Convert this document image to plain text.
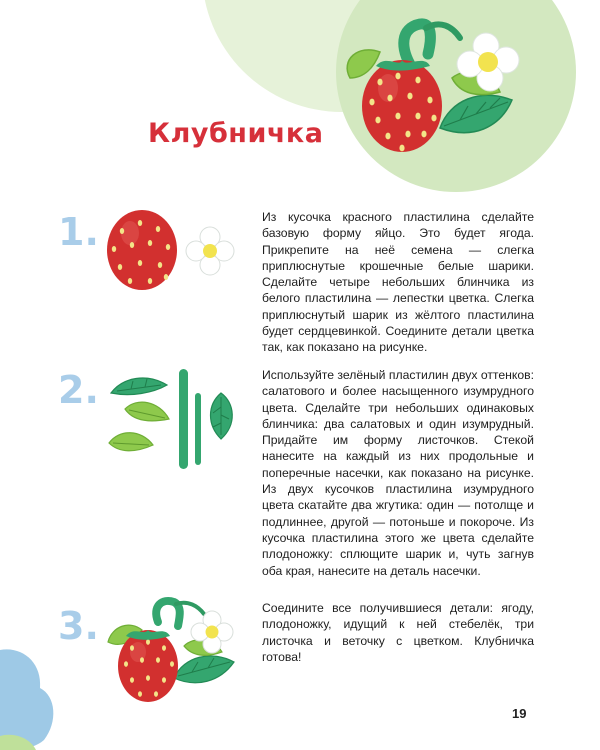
Клубничка
1.	Из кусочка красного пластилина сделайте базовую форму яйцо. Это будет ягода. Прикрепите на неё семена — слегка приплюснутые крошечные белые шарики. Сделайте четыре небольших блинчика из белого пластилина — лепестки цветка. Слегка приплюснутый шарик из жёлтого пластилина будет сердцевинкой. Соедините детали цветка так, как показано на рисунке.

2.	Используйте зелёный пластилин двух оттенков: салатового и более насыщенного изумрудного цвета. Сделайте три небольших одинаковых блинчика: два салатовых и один изумрудный. Придайте им форму листочков. Стекой нанесите на каждый из них продольные и поперечные насечки, как показано на рисунке. Из двух кусочков пластилина изумрудного цвета скатайте два жгутика: один — потолще и подлиннее, другой — потоньше и покороче. Из кусочка пластилина этого же цвета сделайте плодоножку: сплющите шарик и, чуть загнув оба края, нанесите на деталь насечки.

3.	Соедините все получившиеся детали: ягоду, плодоножку, идущий к ней стебелёк, три листочка и веточку с цветком. Клубничка готова!

19
